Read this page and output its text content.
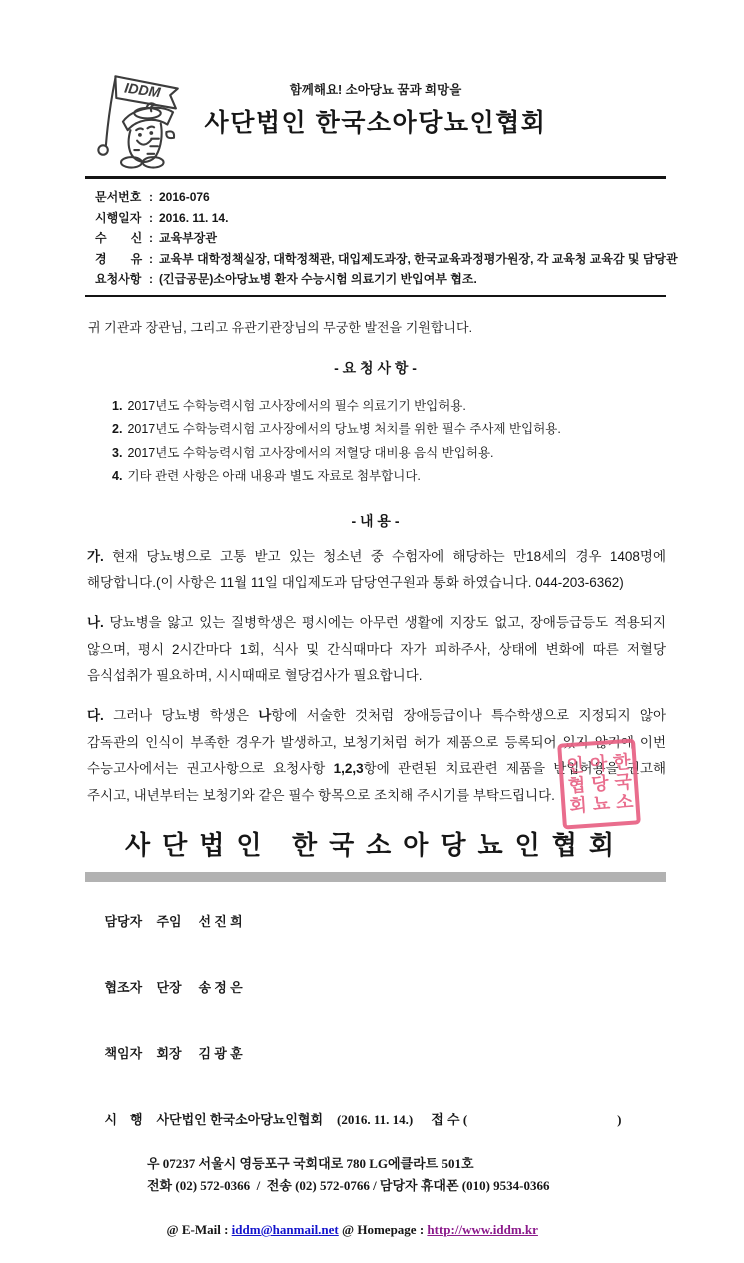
IDDM	함께해요! 소아당뇨 꿈과 희망을
사단법인 한국소아당뇨인협회
문서번호 : 2016-076
시행일자 : 2016. 11. 14.
수　　신 : 교육부장관
경　　유 : 교육부 대학정책실장, 대학정책관, 대입제도과장, 한국교육과정평가원장, 각 교육청 교육감 및 담당관
요청사항 : (긴급공문)소아당뇨병 환자 수능시험 의료기기 반입여부 협조.

귀 기관과 장관님, 그리고 유관기관장님의 무궁한 발전을 기원합니다.

- 요 청 사 항 -
1. 2017년도 수학능력시험 고사장에서의 필수 의료기기 반입허용.
2. 2017년도 수학능력시험 고사장에서의 당뇨병 처치를 위한 필수 주사제 반입허용.
3. 2017년도 수학능력시험 고사장에서의 저혈당 대비용 음식 반입허용.
4. 기타 관련 사항은 아래 내용과 별도 자료로 첨부합니다.
- 내 용 -

가. 현재 당뇨병으로 고통 받고 있는 청소년 중 수험자에 해당하는 만18세의 경우 1408명에 해당합니다.(이 사항은 11월 11일 대입제도과 담당연구원과 통화 하였습니다. 044-203-6362)

나. 당뇨병을 앓고 있는 질병학생은 평시에는 아무런 생활에 지장도 없고, 장애등급등도 적용되지 않으며, 평시 2시간마다 1회, 식사 및 간식때마다 자가 피하주사, 상태에 변화에 따른 저혈당 음식섭취가 필요하며, 시시때때로 혈당검사가 필요합니다.

다. 그러나 당뇨병 학생은 나항에 서술한 것처럼 장애등급이나 특수학생으로 지정되지 않아 감독관의 인식이 부족한 경우가 발생하고, 보청기처럼 허가 제품으로 등록되어 있지 않기에 이번 수능고사에서는 권고사항으로 요청사항 1,2,3항에 관련된 치료관련 제품을 반입허용을 권고해 주시고, 내년부터는 보청기와 같은 필수 항목으로 조치해 주시기를 부탁드립니다.

사단법인 한국소아당뇨인협회
한국소
아당뇨
인협회

담당자 주임 선 진 희

협조자 단장 송 정 은

책임자 회장 김 광 훈

시　행 사단법인 한국소아당뇨인협회 (2016. 11. 14.) 접 수 (	)

우 07237 서울시 영등포구 국회대로 780 LG에클라트 501호
전화 (02) 572-0366  /  전송 (02) 572-0766 / 담당자 휴대폰 (010) 9534-0366

@ E-Mail : iddm@hanmail.net @ Homepage : http://www.iddm.kr
